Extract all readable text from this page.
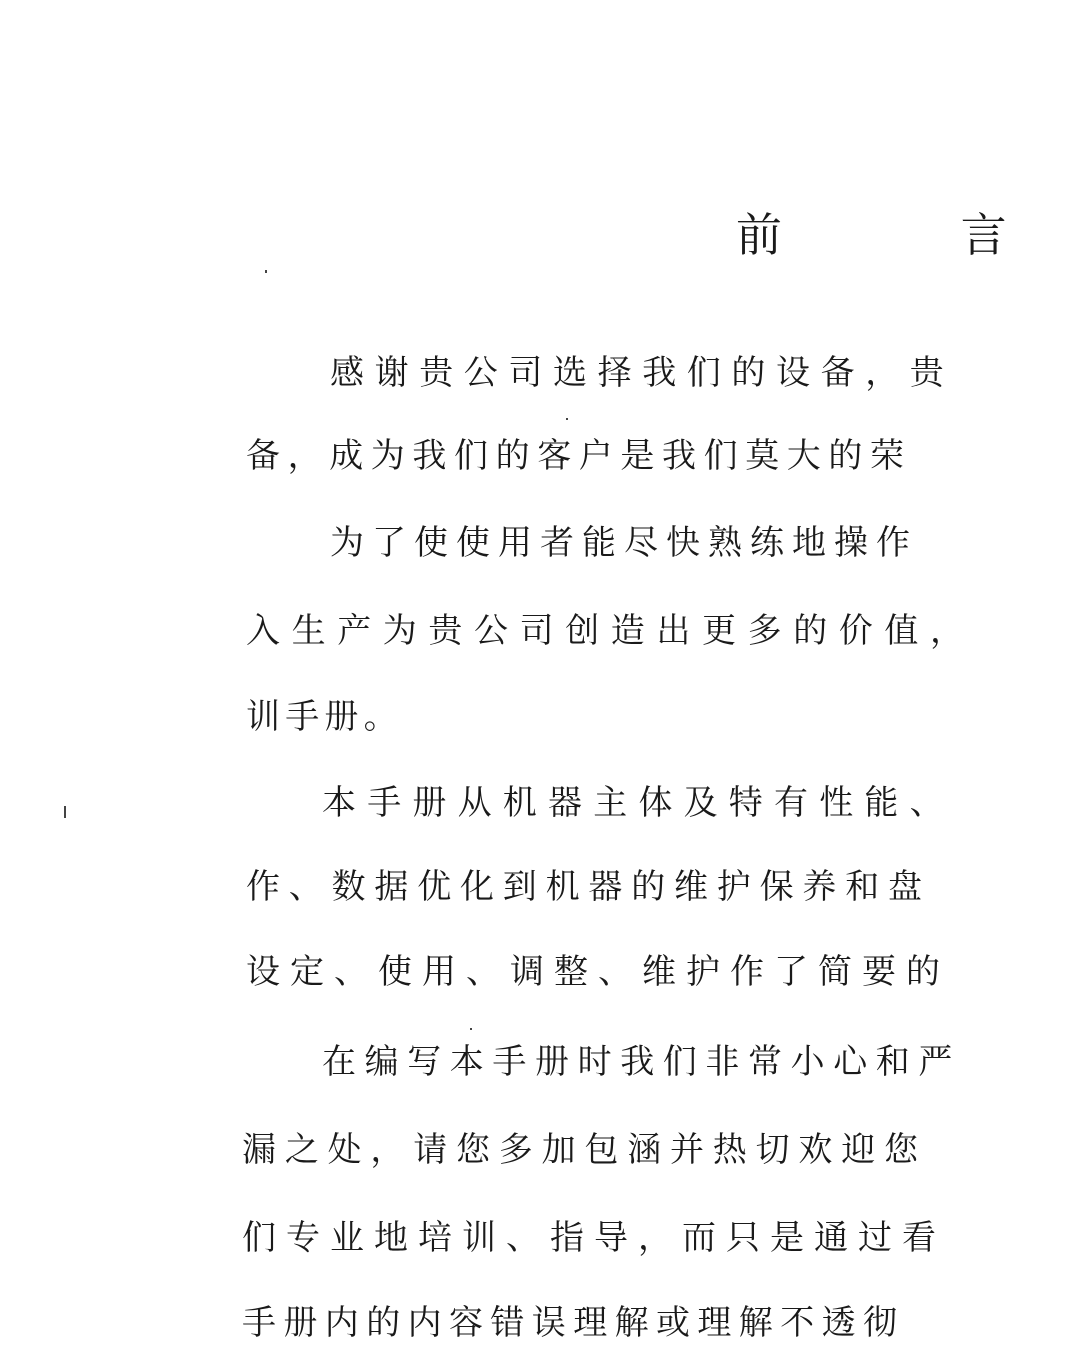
前 言
感谢贵公司选择我们的设备，贵
备，成为我们的客户是我们莫大的荣
为了使使用者能尽快熟练地操作
入生产为贵公司创造出更多的价值，
训手册。
本手册从机器主体及特有性能、
作、数据优化到机器的维护保养和盘
设定、使用、调整、维护作了简要的
在编写本手册时我们非常小心和严
漏之处，请您多加包涵并热切欢迎您
们专业地培训、指导，而只是通过看
手册内的内容错误理解或理解不透彻
